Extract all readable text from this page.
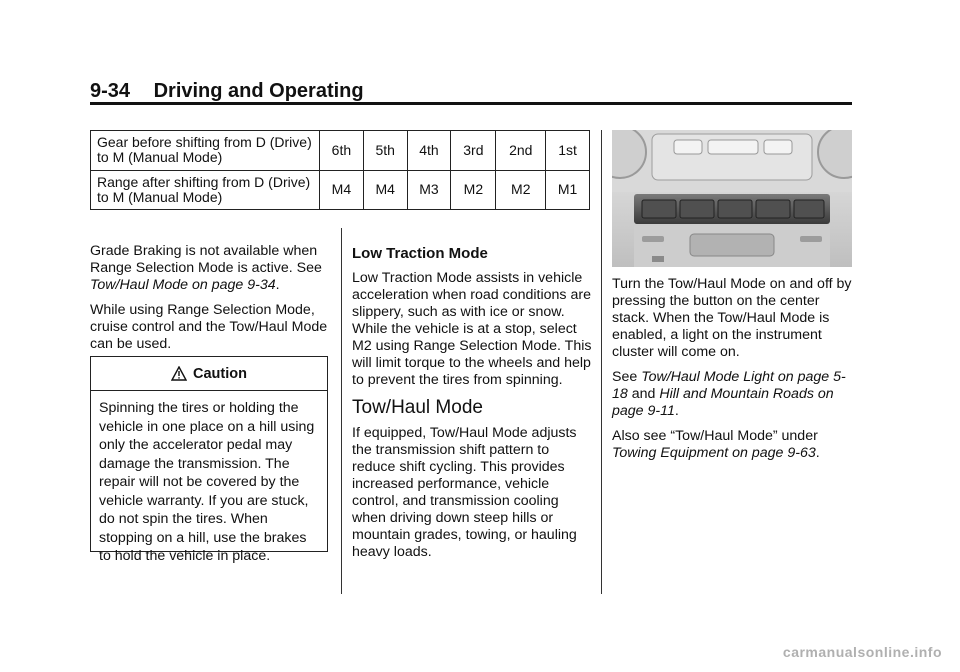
9-34 Driving and Operating
Gear before shifting from D (Drive) to M (Manual Mode)	6th	5th	4th	3rd	2nd	1st
Range after shifting from D (Drive) to M (Manual Mode)	M4	M4	M3	M2	M2	M1

Grade Braking is not available when Range Selection Mode is active. See Tow/Haul Mode on page 9-34.

While using Range Selection Mode, cruise control and the Tow/Haul Mode can be used.

Caution
Spinning the tires or holding the vehicle in one place on a hill using only the accelerator pedal may damage the transmission. The repair will not be covered by the vehicle warranty. If you are stuck, do not spin the tires. When stopping on a hill, use the brakes to hold the vehicle in place.
Low Traction Mode

Low Traction Mode assists in vehicle acceleration when road conditions are slippery, such as with ice or snow. While the vehicle is at a stop, select M2 using Range Selection Mode. This will limit torque to the wheels and help to prevent the tires from spinning.

Tow/Haul Mode

If equipped, Tow/Haul Mode adjusts the transmission shift pattern to reduce shift cycling. This provides increased performance, vehicle control, and transmission cooling when driving down steep hills or mountain grades, towing, or hauling heavy loads.

Turn the Tow/Haul Mode on and off by pressing the button on the center stack. When the Tow/Haul Mode is enabled, a light on the instrument cluster will come on.

See Tow/Haul Mode Light on page 5-18 and Hill and Mountain Roads on page 9-11.

Also see “Tow/Haul Mode” under Towing Equipment on page 9-63.

carmanualsonline.info
